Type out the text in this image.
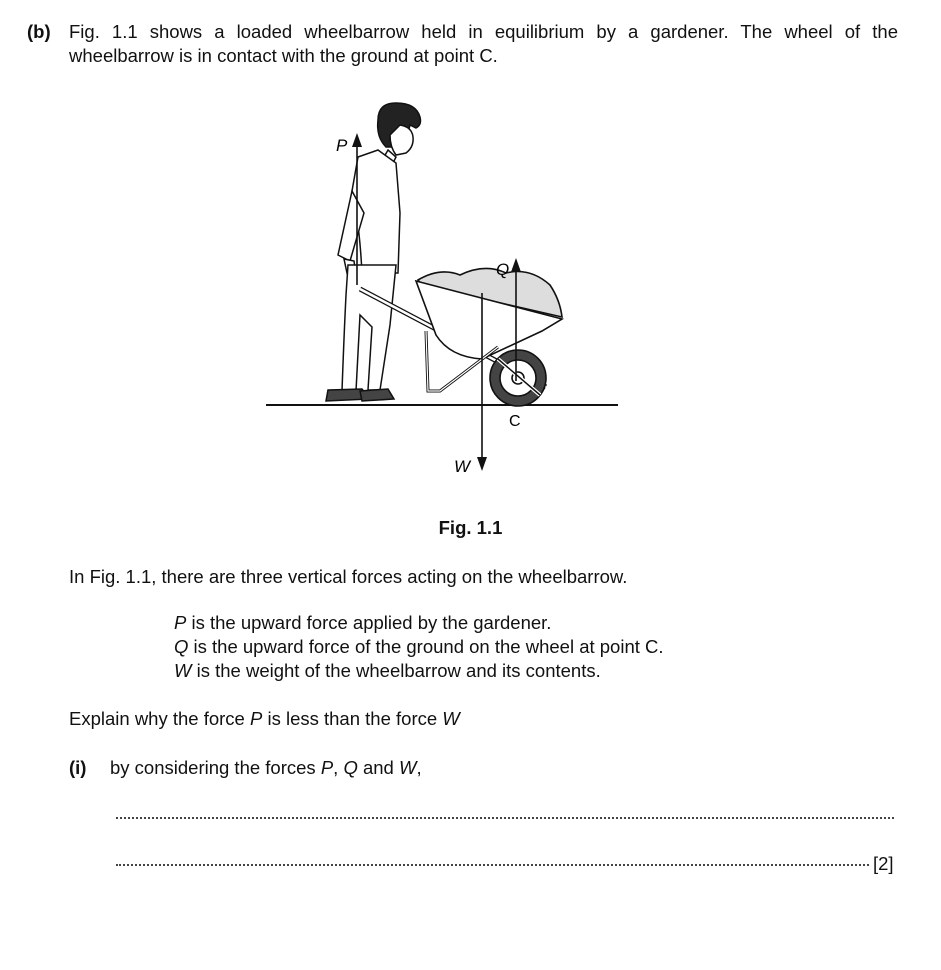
(b) Fig. 1.1 shows a loaded wheelbarrow held in equilibrium by a gardener. The wheel of the
wheelbarrow is in contact with the ground at point C.
P
Q
W
C
Fig. 1.1
In Fig. 1.1, there are three vertical forces acting on the wheelbarrow.
P is the upward force applied by the gardener.
Q is the upward force of the ground on the wheel at point C.
W is the weight of the wheelbarrow and its contents.
Explain why the force P is less than the force W
(i) by considering the forces P, Q and W,
[2]
